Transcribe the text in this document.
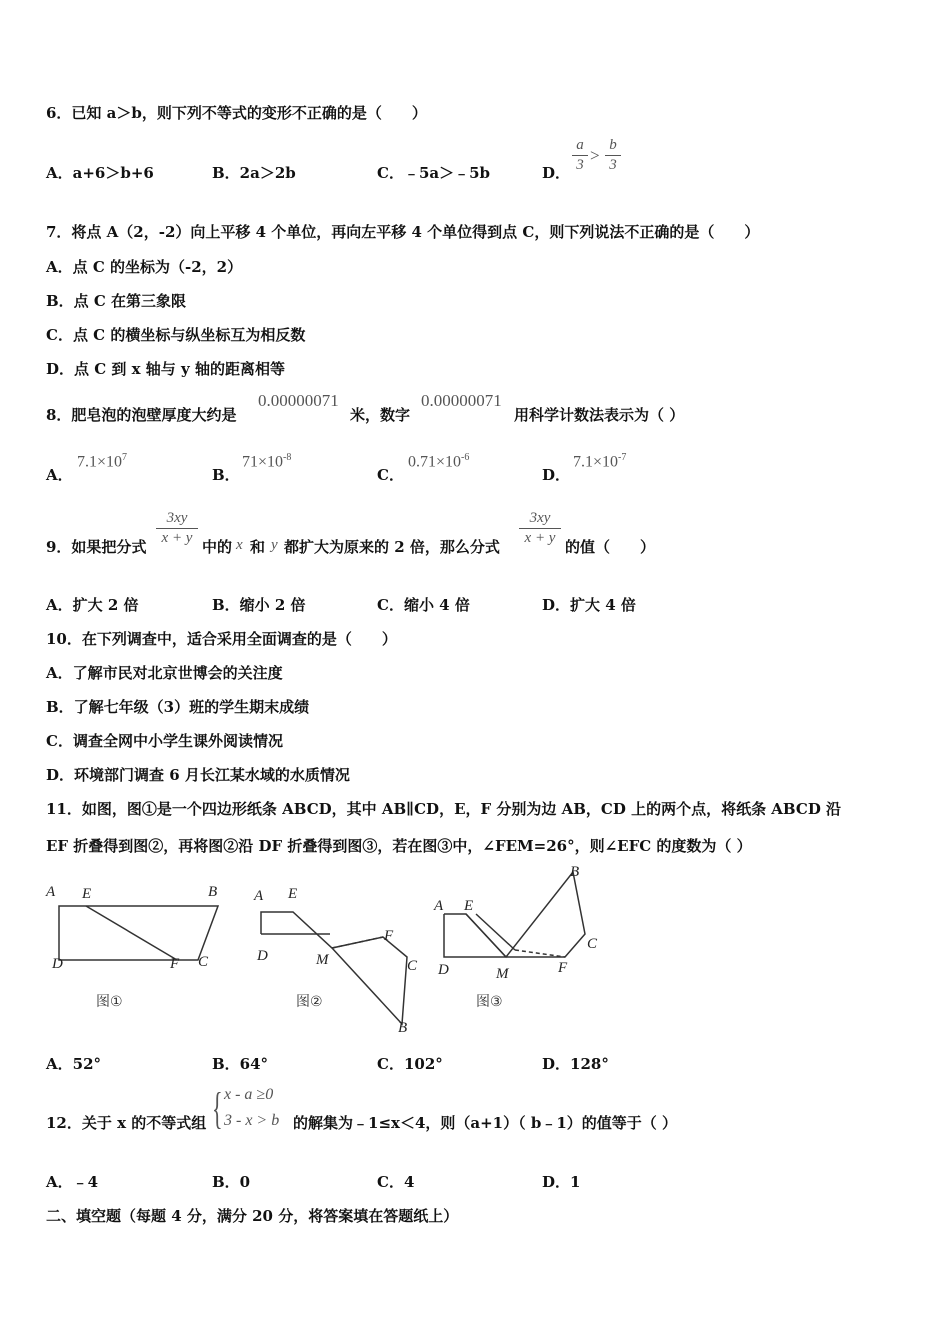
6．已知 a＞b，则下列不等式的变形不正确的是（　　）
A．a+6＞b+6	B．2a＞2b	C．﹣5a＞﹣5b	D． $\frac{a}{3} > \frac{b}{3}$
7．将点 A（2，-2）向上平移 4 个单位，再向左平移 4 个单位得到点 C，则下列说法不正确的是（　　）
A．点 C 的坐标为（-2，2）
B．点 C 在第三象限
C．点 C 的横坐标与纵坐标互为相反数
D．点 C 到 x 轴与 y 轴的距离相等
8．肥皂泡的泡壁厚度大约是
0.00000071
米，数字
0.00000071
用科学计数法表示为（ ）
A．
$7.1\times 10^7$
B．
$71\times 10^{-8}$
C．
$0.71\times 10^{-6}$
D．
$7.1\times 10^{-7}$
9．如果把分式 $\frac{3xy}{x + y}$ 中的 x 和 y 都扩大为原来的 2 倍，那么分式 $\frac{3xy}{x + y}$ 的值（　　）
A．扩大 2 倍	B．缩小 2 倍	C．缩小 4 倍	D．扩大 4 倍
10．在下列调查中，适合采用全面调查的是（　　）
A．了解市民对北京世博会的关注度
B．了解七年级（3）班的学生期末成绩
C．调查全网中小学生课外阅读情况
D．环境部门调查 6 月长江某水域的水质情况
11．如图，图①是一个四边形纸条 ABCD，其中 AB∥CD，E，F 分别为边 AB，CD 上的两个点，将纸条 ABCD 沿
EF 折叠得到图②，再将图②沿 DF 折叠得到图③，若在图③中，∠FEM=26°，则∠EFC 的度数为（ ）
A E	B
D	F C
图①
A E
F
D	M	C
B
图②
A E
B
C
D	M	F
图③
A．52°	B．64°	C．102°	D．128°
12．关于 x 的不等式组 { x - a ≥0
3 - x > b 的解集为﹣1≤x＜4，则（a+1）（ b﹣1）的值等于（ ）
A．﹣4	B．0	C．4	D．1
二、填空题（每题 4 分，满分 20 分，将答案填在答题纸上）
